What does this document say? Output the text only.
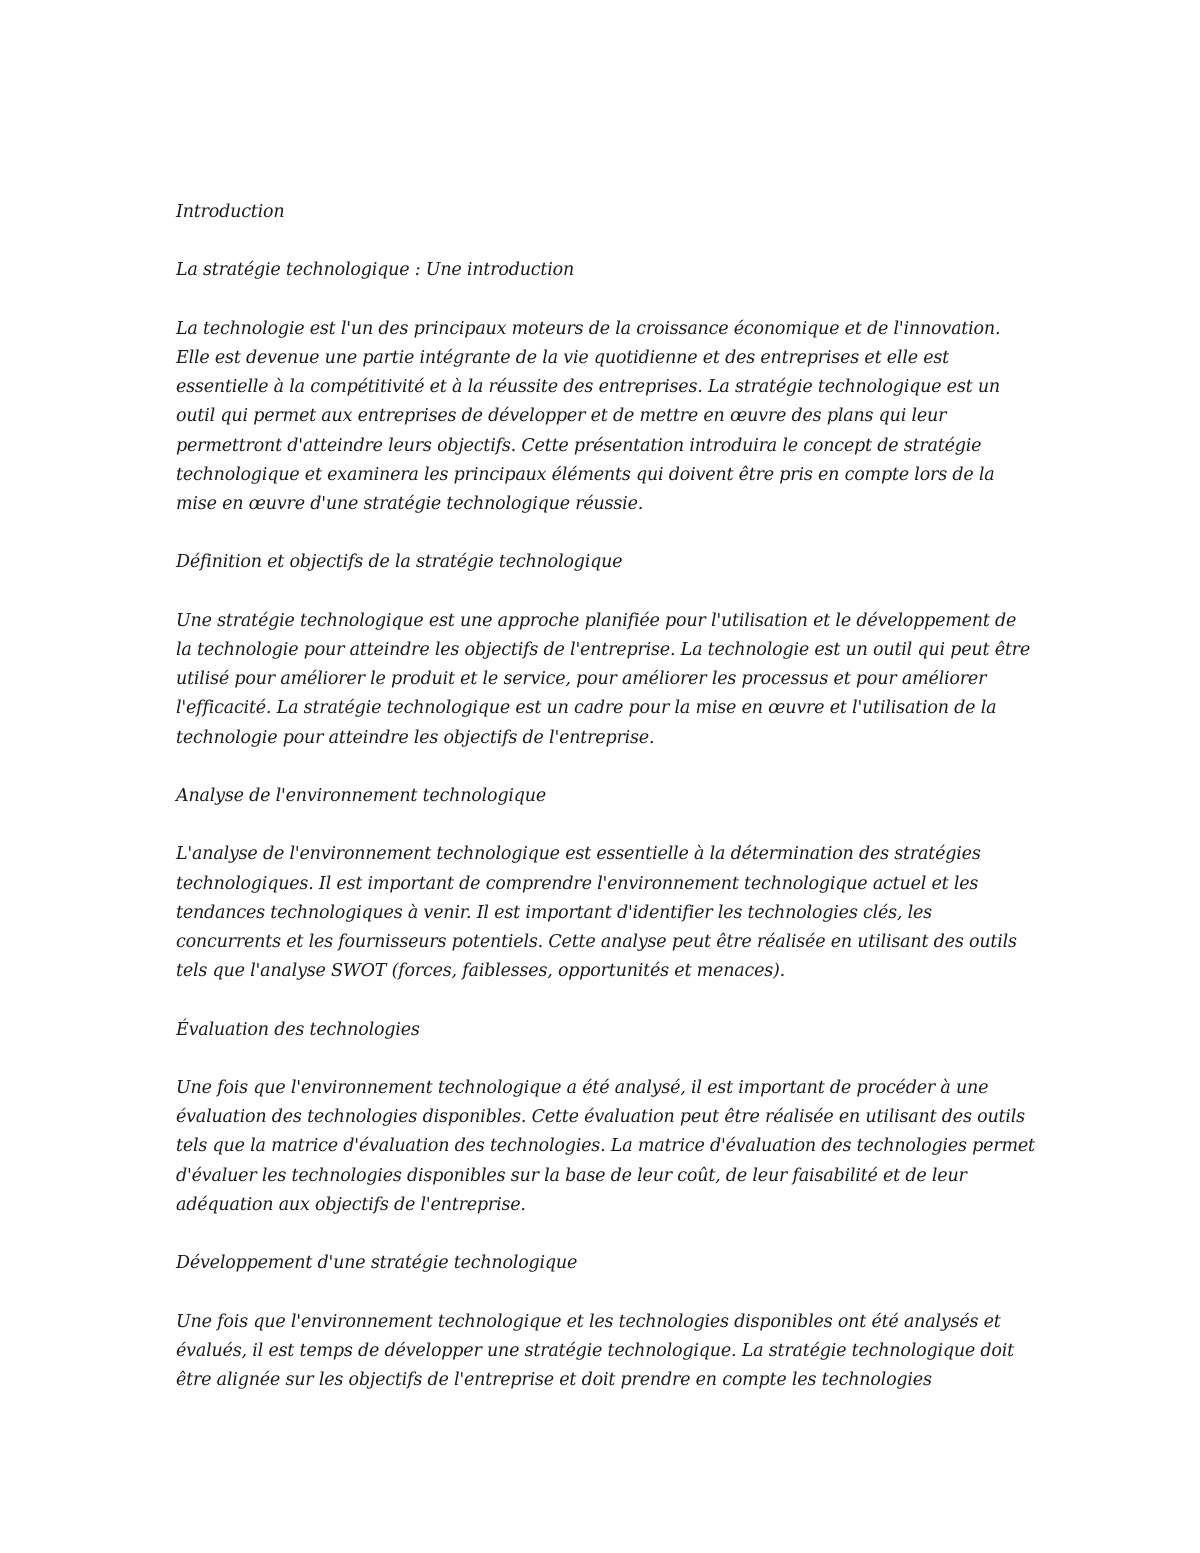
Introduction

La stratégie technologique : Une introduction

La technologie est l'un des principaux moteurs de la croissance économique et de l'innovation. Elle est devenue une partie intégrante de la vie quotidienne et des entreprises et elle est essentielle à la compétitivité et à la réussite des entreprises. La stratégie technologique est un outil qui permet aux entreprises de développer et de mettre en œuvre des plans qui leur permettront d'atteindre leurs objectifs. Cette présentation introduira le concept de stratégie technologique et examinera les principaux éléments qui doivent être pris en compte lors de la mise en œuvre d'une stratégie technologique réussie.

Définition et objectifs de la stratégie technologique

Une stratégie technologique est une approche planifiée pour l'utilisation et le développement de la technologie pour atteindre les objectifs de l'entreprise. La technologie est un outil qui peut être utilisé pour améliorer le produit et le service, pour améliorer les processus et pour améliorer l'efficacité. La stratégie technologique est un cadre pour la mise en œuvre et l'utilisation de la technologie pour atteindre les objectifs de l'entreprise.

Analyse de l'environnement technologique

L'analyse de l'environnement technologique est essentielle à la détermination des stratégies technologiques. Il est important de comprendre l'environnement technologique actuel et les tendances technologiques à venir. Il est important d'identifier les technologies clés, les concurrents et les fournisseurs potentiels. Cette analyse peut être réalisée en utilisant des outils tels que l'analyse SWOT (forces, faiblesses, opportunités et menaces).

Évaluation des technologies

Une fois que l'environnement technologique a été analysé, il est important de procéder à une évaluation des technologies disponibles. Cette évaluation peut être réalisée en utilisant des outils tels que la matrice d'évaluation des technologies. La matrice d'évaluation des technologies permet d'évaluer les technologies disponibles sur la base de leur coût, de leur faisabilité et de leur adéquation aux objectifs de l'entreprise.

Développement d'une stratégie technologique

Une fois que l'environnement technologique et les technologies disponibles ont été analysés et évalués, il est temps de développer une stratégie technologique. La stratégie technologique doit être alignée sur les objectifs de l'entreprise et doit prendre en compte les technologies
